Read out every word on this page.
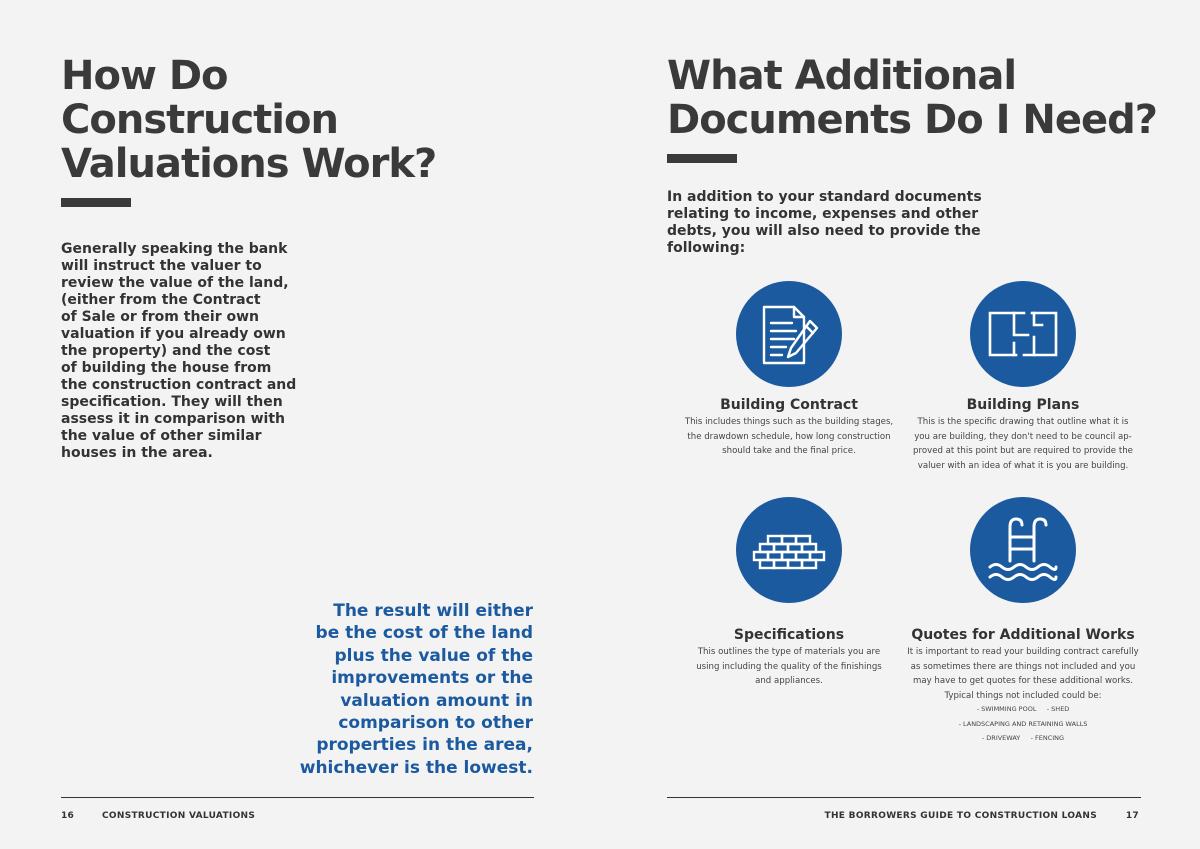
How Do
Construction
Valuations Work?

Generally speaking the bank
will instruct the valuer to
review the value of the land,
(either from the Contract
of Sale or from their own
valuation if you already own
the property) and the cost
of building the house from
the construction contract and
specification. They will then
assess it in comparison with
the value of other similar
houses in the area.

The result will either
be the cost of the land
plus the value of the
improvements or the
valuation amount in
comparison to other
properties in the area,
whichever is the lowest.

16	CONSTRUCTION VALUATIONS
What Additional
Documents Do I Need?

In addition to your standard documents
relating to income, expenses and other
debts, you will also need to provide the
following:

Building Contract
This includes things such as the building stages,
the drawdown schedule, how long construction
should take and the final price.
Building Plans
This is the specific drawing that outline what it is
you are building, they don't need to be council ap-
proved at this point but are required to provide the
valuer with an idea of what it is you are building.
Specifications
This outlines the type of materials you are
using including the quality of the finishings
and appliances.
Quotes for Additional Works
It is important to read your building contract carefully
as sometimes there are things not included and you
may have to get quotes for these additional works.
Typical things not included could be:
- SWIMMING POOL     - SHED
- LANDSCAPING AND RETAINING WALLS
- DRIVEWAY     - FENCING
THE BORROWERS GUIDE TO CONSTRUCTION LOANS	17
